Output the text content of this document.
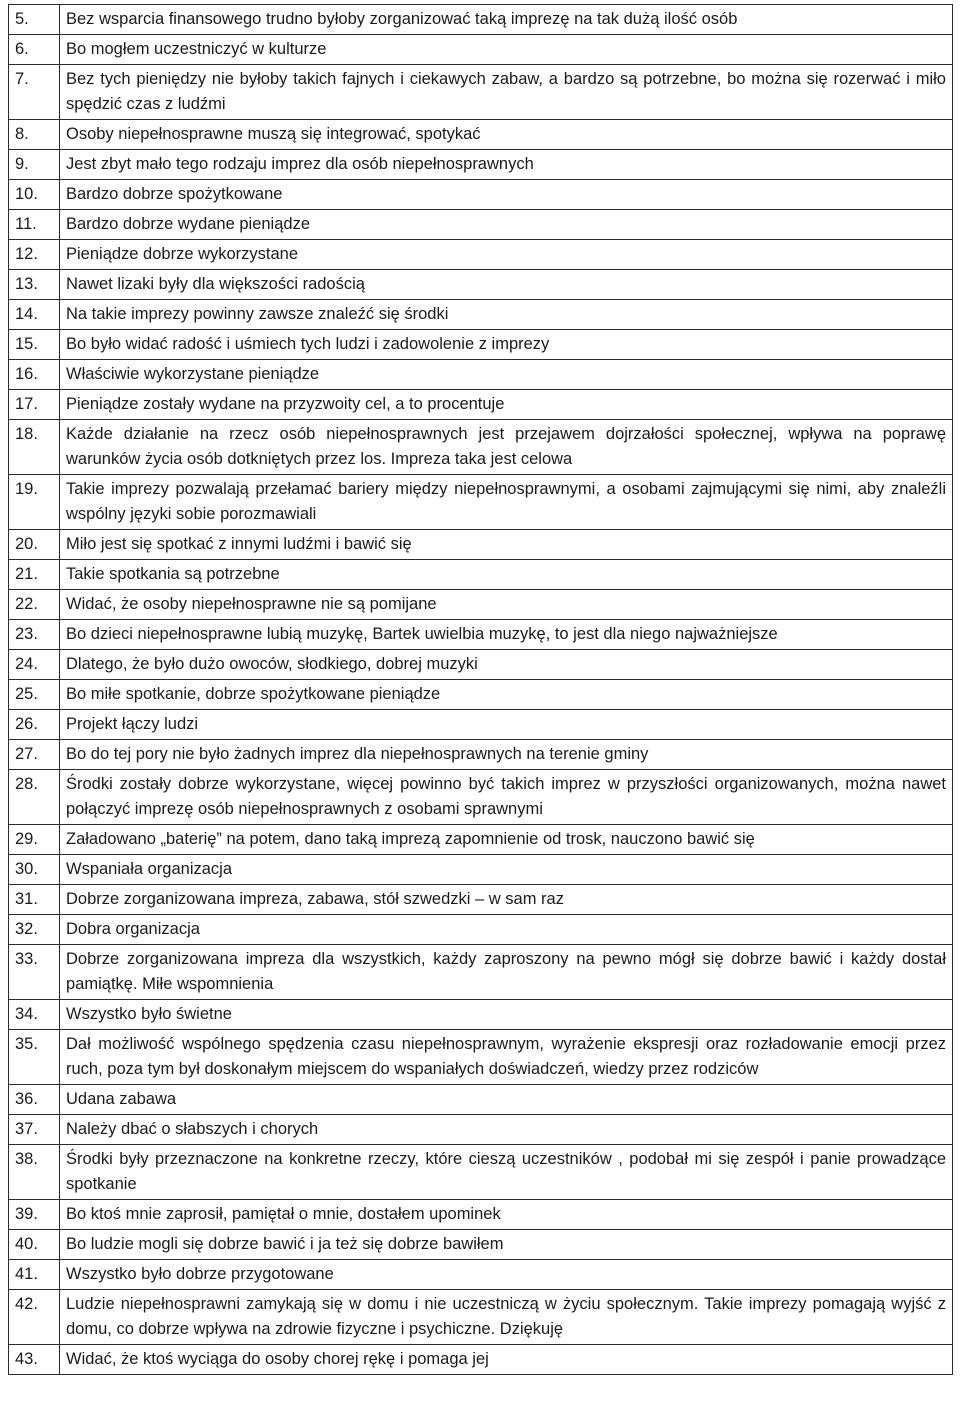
5.	Bez wsparcia finansowego trudno byłoby zorganizować taką imprezę na tak dużą ilość osób
6.	Bo mogłem uczestniczyć w kulturze
7.	Bez tych pieniędzy nie byłoby takich fajnych i ciekawych zabaw, a bardzo są potrzebne, bo można się rozerwać i miło spędzić czas z ludźmi
8.	Osoby niepełnosprawne muszą się integrować, spotykać
9.	Jest zbyt mało tego rodzaju imprez dla osób niepełnosprawnych
10.	Bardzo dobrze spożytkowane
11.	Bardzo dobrze wydane pieniądze
12.	Pieniądze dobrze wykorzystane
13.	Nawet lizaki były dla większości radością
14.	Na takie imprezy powinny zawsze znaleźć się środki
15.	Bo było widać radość i uśmiech tych ludzi i zadowolenie z imprezy
16.	Właściwie wykorzystane pieniądze
17.	Pieniądze zostały wydane na przyzwoity cel, a to procentuje
18.	Każde działanie na rzecz osób niepełnosprawnych jest przejawem dojrzałości społecznej, wpływa na poprawę warunków życia osób dotkniętych przez los. Impreza taka jest celowa
19.	Takie imprezy pozwalają przełamać bariery między niepełnosprawnymi, a osobami zajmującymi się nimi, aby znaleźli wspólny języki sobie porozmawiali
20.	Miło jest się spotkać z innymi ludźmi i bawić się
21.	Takie spotkania są potrzebne
22.	Widać, że osoby niepełnosprawne nie są pomijane
23.	Bo dzieci niepełnosprawne lubią muzykę, Bartek uwielbia muzykę, to jest dla niego najważniejsze
24.	Dlatego, że było dużo owoców, słodkiego, dobrej muzyki
25.	Bo miłe spotkanie, dobrze spożytkowane pieniądze
26.	Projekt łączy ludzi
27.	Bo do tej pory nie było żadnych imprez dla niepełnosprawnych na terenie gminy
28.	Środki zostały dobrze wykorzystane, więcej powinno być takich imprez w przyszłości organizowanych, można nawet połączyć imprezę osób niepełnosprawnych z osobami sprawnymi
29.	Załadowano „baterię” na potem, dano taką imprezą zapomnienie od trosk, nauczono bawić się
30.	Wspaniała organizacja
31.	Dobrze zorganizowana impreza, zabawa, stół szwedzki – w sam raz
32.	Dobra organizacja
33.	Dobrze zorganizowana impreza dla wszystkich, każdy zaproszony na pewno mógł się dobrze bawić i każdy dostał pamiątkę. Miłe wspomnienia
34.	Wszystko było świetne
35.	Dał możliwość wspólnego spędzenia czasu niepełnosprawnym, wyrażenie ekspresji oraz rozładowanie emocji przez ruch, poza tym był doskonałym miejscem do wspaniałych doświadczeń, wiedzy przez rodziców
36.	Udana zabawa
37.	Należy dbać o słabszych i chorych
38.	Środki były przeznaczone na konkretne rzeczy, które cieszą uczestników , podobał mi się zespół i panie prowadzące spotkanie
39.	Bo ktoś mnie zaprosił, pamiętał o mnie, dostałem upominek
40.	Bo ludzie mogli się dobrze bawić i ja też się dobrze bawiłem
41.	Wszystko było dobrze przygotowane
42.	Ludzie niepełnosprawni zamykają się w domu i nie uczestniczą w życiu społecznym. Takie imprezy pomagają wyjść z domu, co dobrze wpływa na zdrowie fizyczne i psychiczne. Dziękuję
43.	Widać, że ktoś wyciąga do osoby chorej rękę i pomaga jej
